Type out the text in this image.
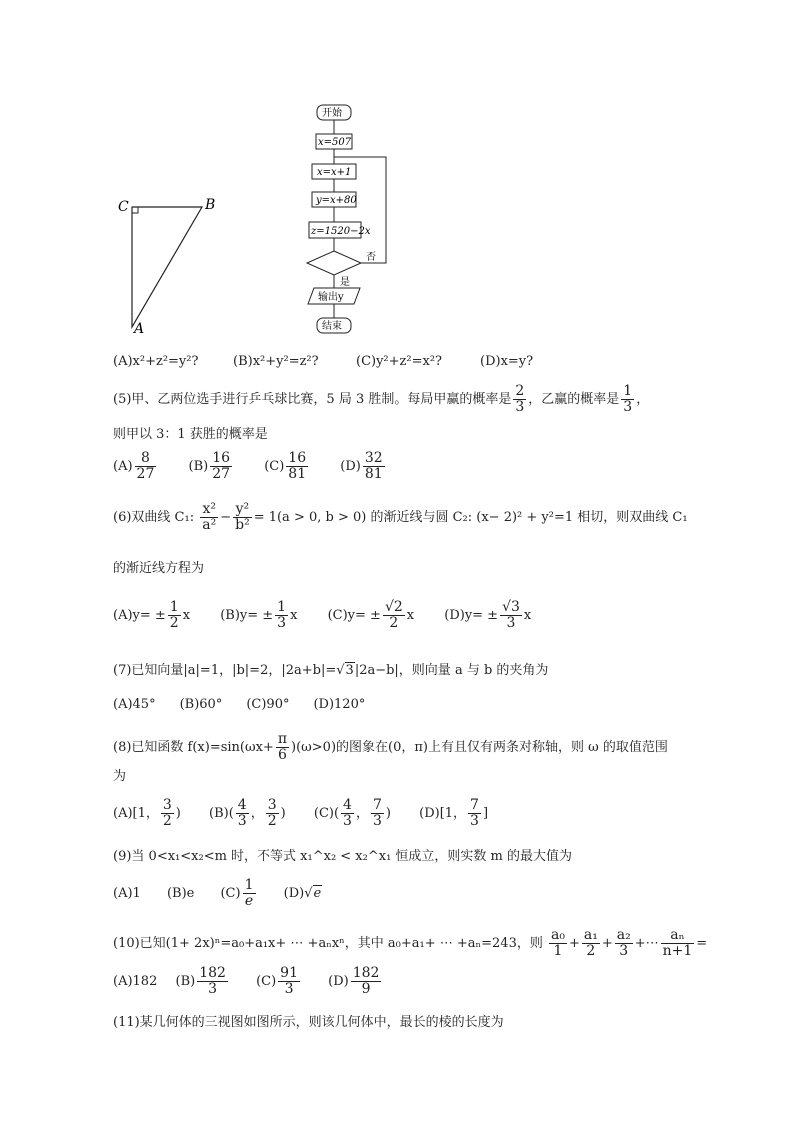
C	B
A
开始
x=507
x=x+1
y=x+80
z=1520−2x
否
是
输出y
结束
(A)x²+z²=y²?	(B)x²+y²=z²?	(C)y²+z²=x²?	(D)x=y?
(5)甲、乙两位选手进行乒乓球比赛，5 局 3 胜制。每局甲赢的概率是 $\frac{2}{3}$ ，乙赢的概率是 $\frac{1}{3}$ ，
则甲以 3：1 获胜的概率是
$(A) \frac{8}{27} (B) \frac{16}{27} (C) \frac{16}{81} (D) \frac{32}{81}$
(6)双曲线 C₁: $\frac{\text{x²}}{\text{a²}} - \frac{\text{y²}}{\text{b²}} = 1(a > 0$, b > 0) 的渐近线与圆 C₂: (x− 2)² + y²=1 相切，则双曲线 C₁
的渐近线方程为
$(A)y= \pm \frac{1}{2}$ x $(B)y= \pm \frac{1}{3}$ x $(C)y= \pm \frac{√2}{2}$ x $(D)y= \pm \frac{√3}{3}$ x
(7)已知向量|a|=1，|b|=2，|2a+b|=√3|2a−b|，则向量 a 与 b 的夹角为
(A)45° (B)60° (C)90° (D)120°
(8)已知函数 $f(x)=\sin(\omega x+ \frac{\pi}{6} )(\omega>0)$的图象在(0，π)上有且仅有两条对称轴，则 ω 的取值范围
为
(A)[1， $\frac{3}{2}$ ) $(B)( \frac{4}{3}$ ， $\frac{3}{2}$ ) $(C)( \frac{4}{3}$ ， $\frac{7}{3}$ ) (D)[1， $\frac{7}{3}$ ]
(9)当 0<x₁<x₂<m 时，不等式 x₁^x₂ < x₂^x₁ 恒成立，则实数 m 的最大值为
(A)1 (B)e $(C) \frac{1}{e} (D)√e$
(10)已知(1+ 2x)ⁿ=a₀+a₁x+ ⋯ +aₙxⁿ，其中 a₀+a₁+ ⋯ +aₙ=243，则 $\frac{\text{a₀}}{1} + \frac{\text{a₁}}{2} + \frac{\text{a₂}}{3}$ +⋯ $\frac{\text{aₙ}}{n+1}$ =
(A)182 $(B) \frac{182}{3} (C) \frac{91}{3} (D) \frac{182}{9}$
(11)某几何体的三视图如图所示，则该几何体中，最长的棱的长度为
